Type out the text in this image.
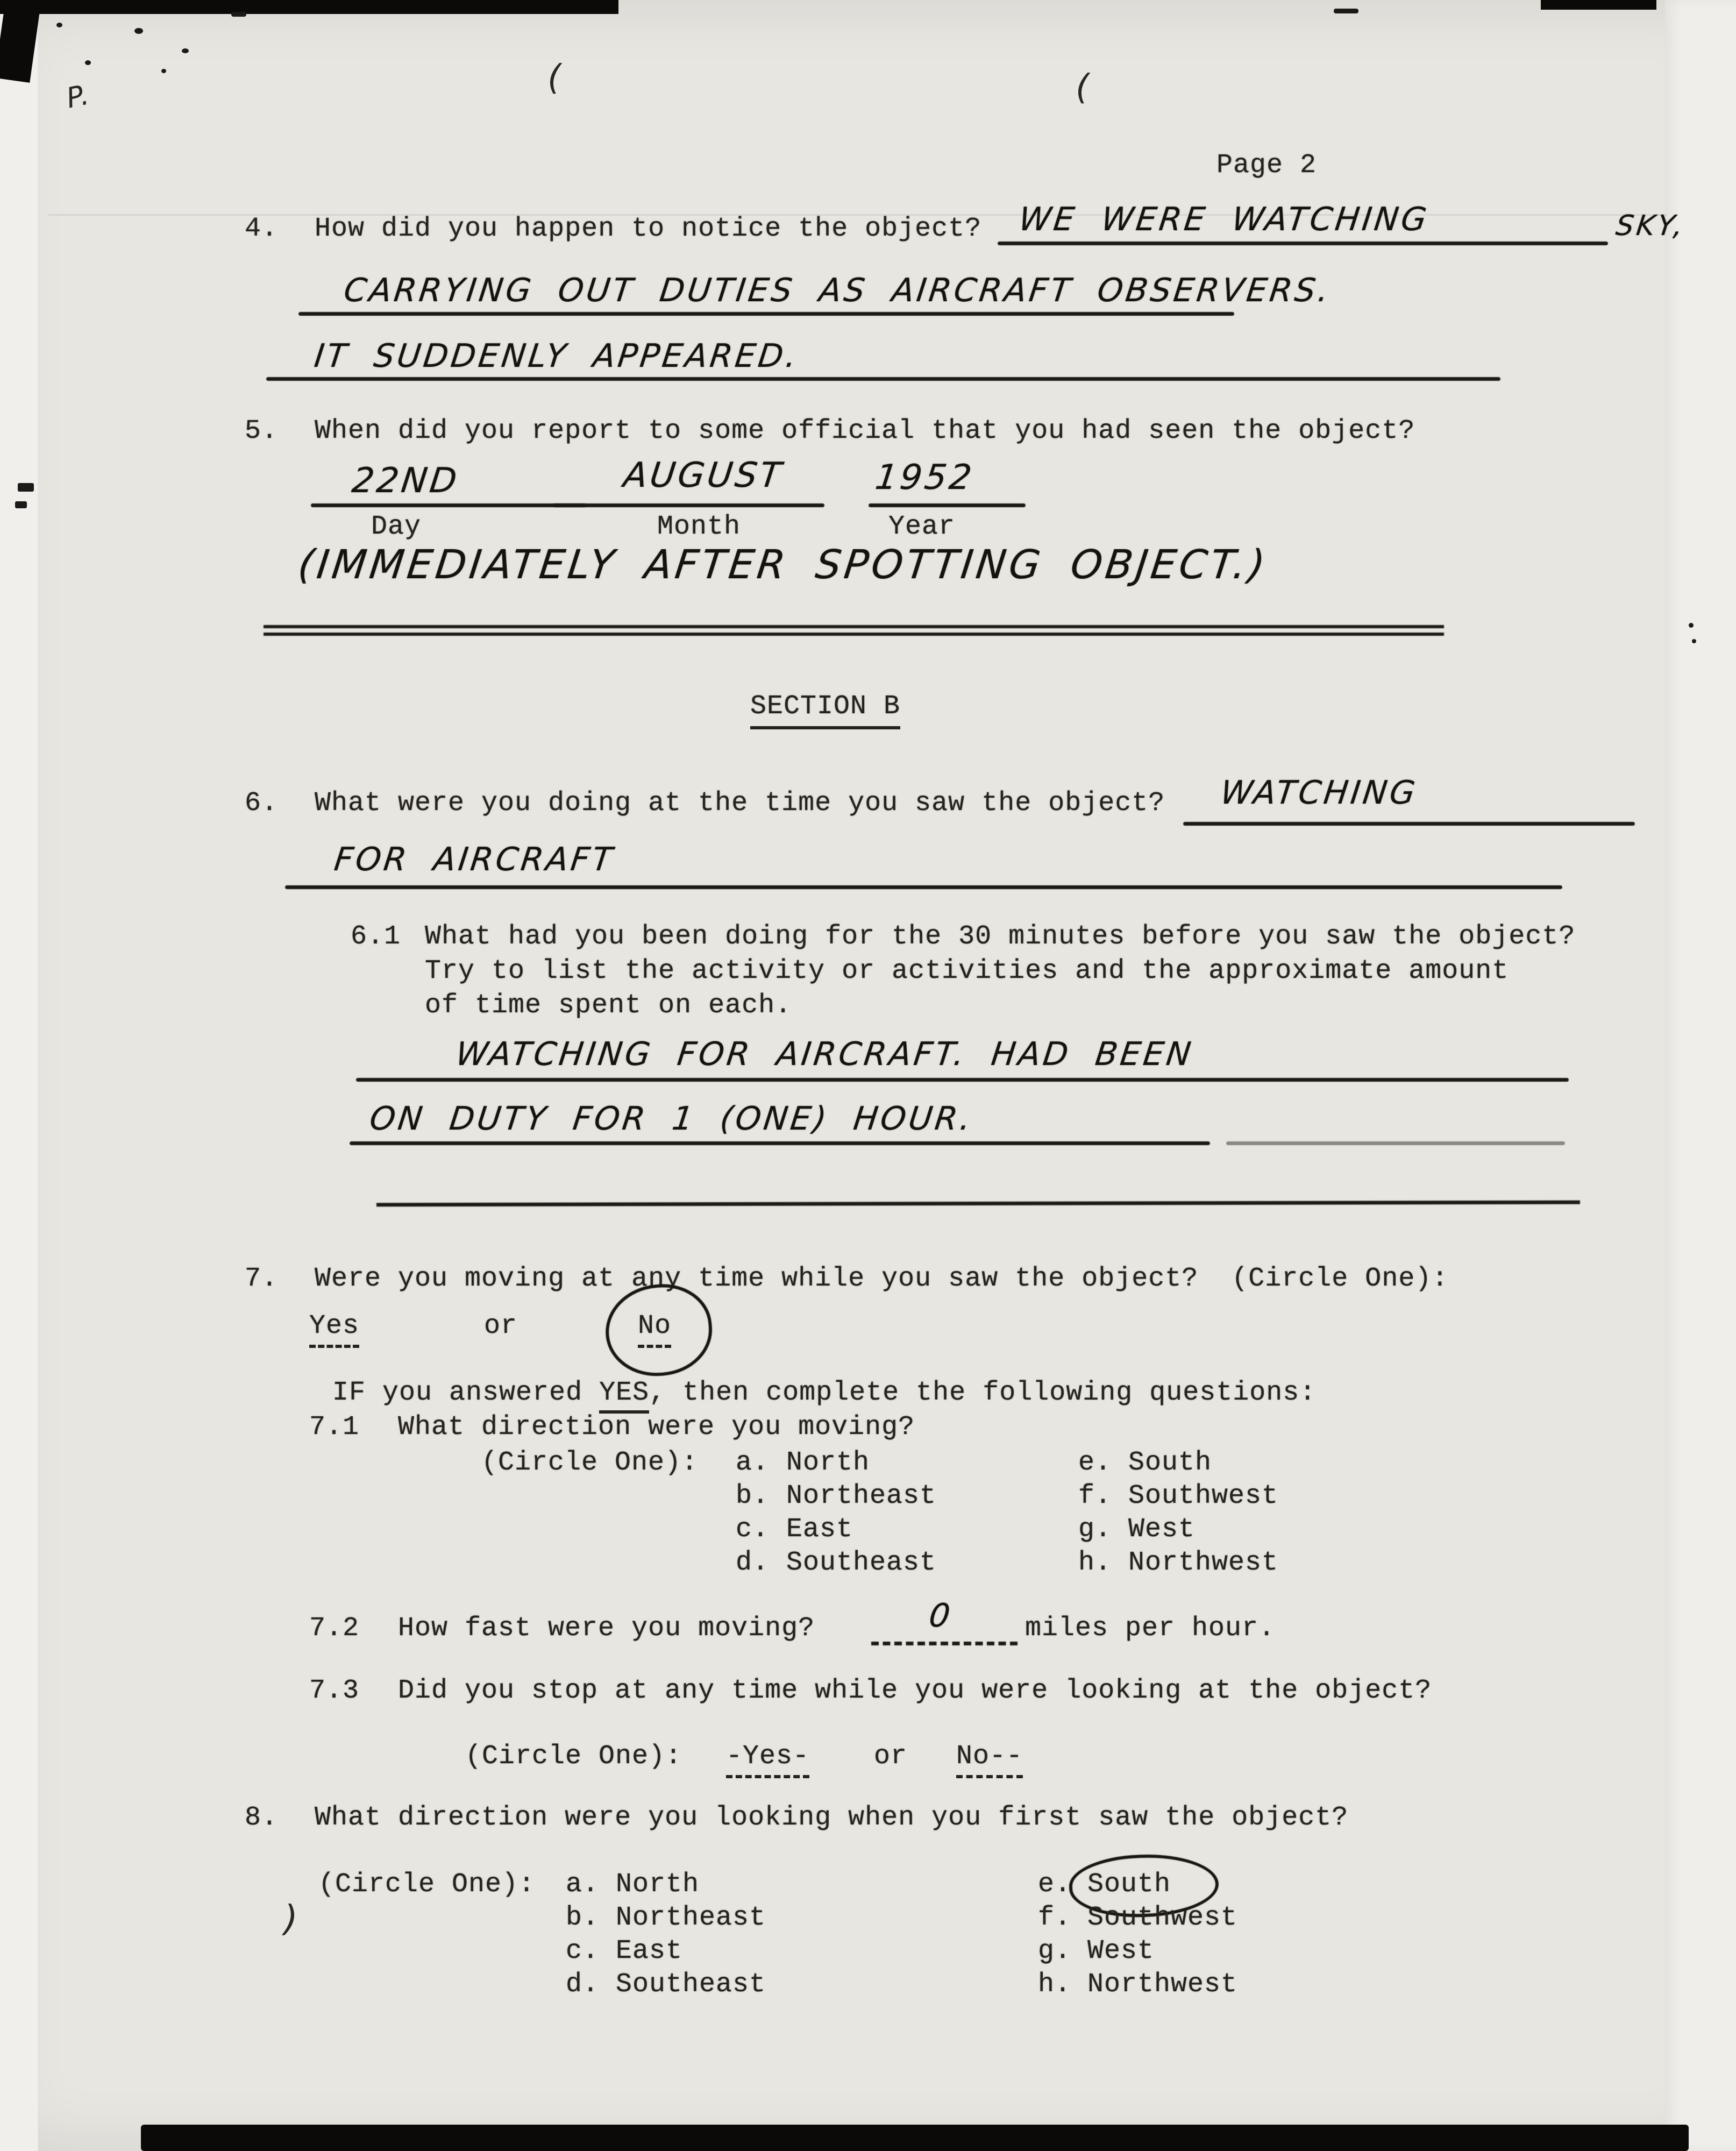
P.	(	(
)
Page 2
4. How did you happen to notice the object? WE WERE WATCHING	SKY,
CARRYING OUT DUTIES AS AIRCRAFT OBSERVERS.
IT SUDDENLY APPEARED.
5. When did you report to some official that you had seen the object?
22ND	AUGUST	1952
Day	Month	Year
(IMMEDIATELY AFTER SPOTTING OBJECT.)
SECTION B
6. What were you doing at the time you saw the object? WATCHING
FOR AIRCRAFT
6.1 What had you been doing for the 30 minutes before you saw the object?
Try to list the activity or activities and the approximate amount
of time spent on each.
WATCHING FOR AIRCRAFT. HAD BEEN
ON DUTY FOR 1 (ONE) HOUR.
7. Were you moving at any time while you saw the object?  (Circle One):
Yes	or	No
IF you answered YES, then complete the following questions:
7.1 What direction were you moving?
(Circle One): a. North	e. South
b. Northeast	f. Southwest
c. East	g. West
d. Southeast	h. Northwest
7.2 How fast were you moving?	0	miles per hour.
7.3 Did you stop at any time while you were looking at the object?
(Circle One): -Yes- or No--
8. What direction were you looking when you first saw the object?
(Circle One): a. North	e. South
b. Northeast	f. Southwest
c. East	g. West
d. Southeast	h. Northwest
